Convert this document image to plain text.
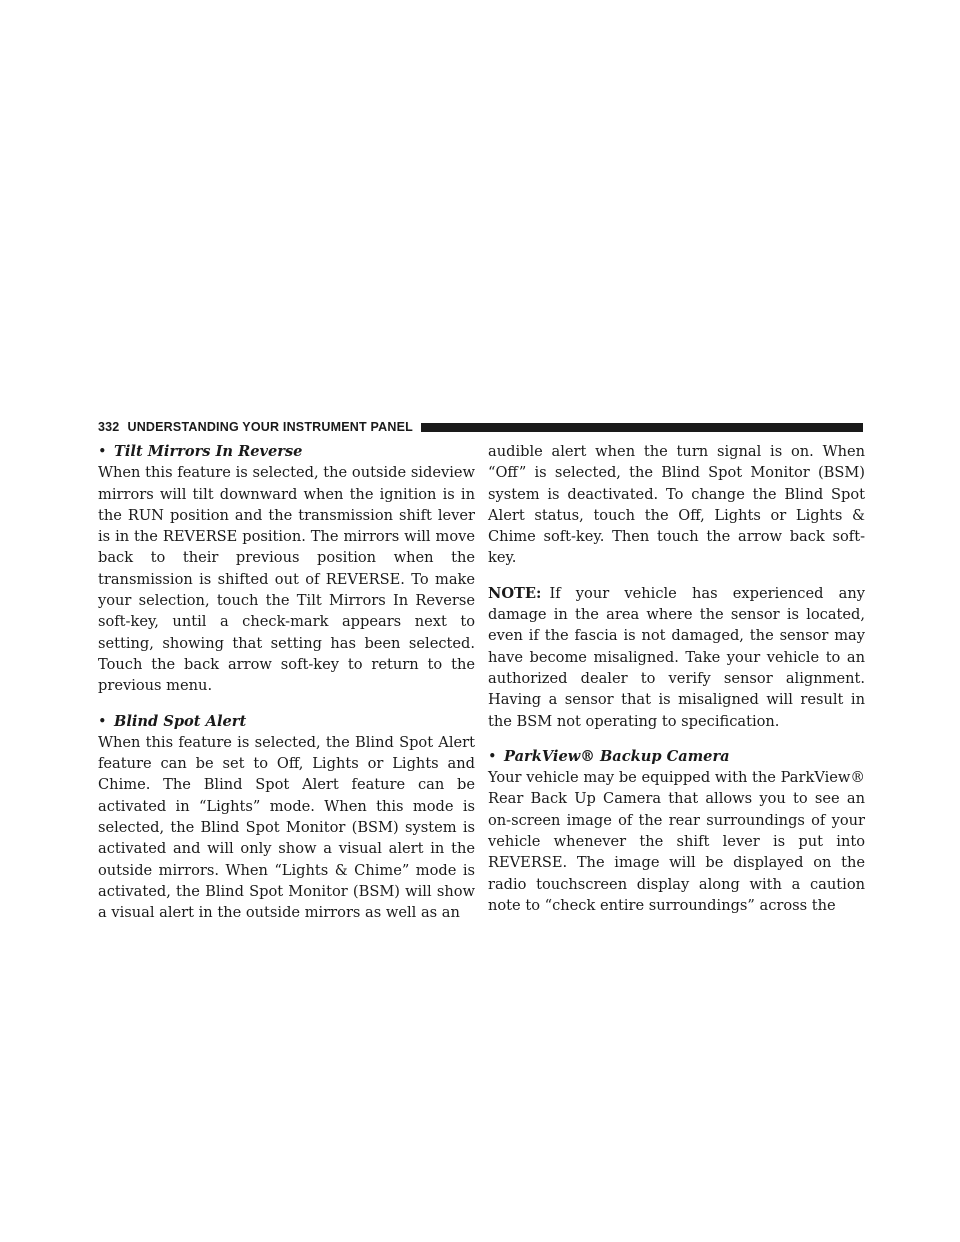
332 UNDERSTANDING YOUR INSTRUMENT PANEL
• Tilt Mirrors In Reverse

When this feature is selected, the outside sideview mirrors will tilt downward when the ignition is in the RUN position and the transmission shift lever is in the REVERSE position. The mirrors will move back to their previous position when the transmission is shifted out of REVERSE. To make your selection, touch the Tilt Mirrors In Reverse soft-key, until a check-mark appears next to setting, showing that setting has been selected. Touch the back arrow soft-key to return to the previous menu.

• Blind Spot Alert

When this feature is selected, the Blind Spot Alert feature can be set to Off, Lights or Lights and Chime. The Blind Spot Alert feature can be activated in “Lights” mode. When this mode is selected, the Blind Spot Monitor (BSM) system is activated and will only show a visual alert in the outside mirrors. When “Lights & Chime” mode is activated, the Blind Spot Monitor (BSM) will show a visual alert in the outside mirrors as well as an

audible alert when the turn signal is on. When “Off” is selected, the Blind Spot Monitor (BSM) system is deactivated. To change the Blind Spot Alert status, touch the Off, Lights or Lights & Chime soft-key. Then touch the arrow back soft-key.

NOTE: If your vehicle has experienced any damage in the area where the sensor is located, even if the fascia is not damaged, the sensor may have become misaligned. Take your vehicle to an authorized dealer to verify sensor alignment. Having a sensor that is misaligned will result in the BSM not operating to specification.

• ParkView® Backup Camera

Your vehicle may be equipped with the ParkView® Rear Back Up Camera that allows you to see an on-screen image of the rear surroundings of your vehicle whenever the shift lever is put into REVERSE. The image will be displayed on the radio touchscreen display along with a caution note to “check entire surroundings” across the
